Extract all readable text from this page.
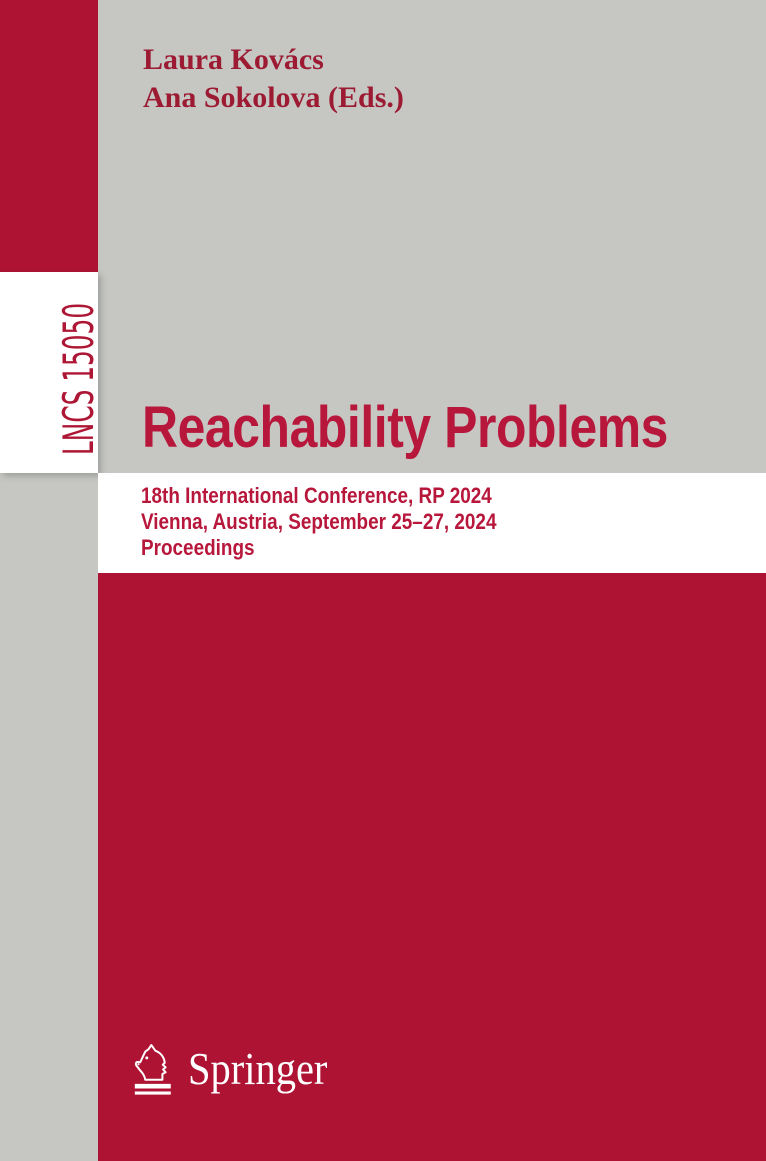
LNCS 15050
Laura Kovács
Ana Sokolova (Eds.)
Reachability Problems
18th International Conference, RP 2024
Vienna, Austria, September 25–27, 2024
Proceedings
Springer
